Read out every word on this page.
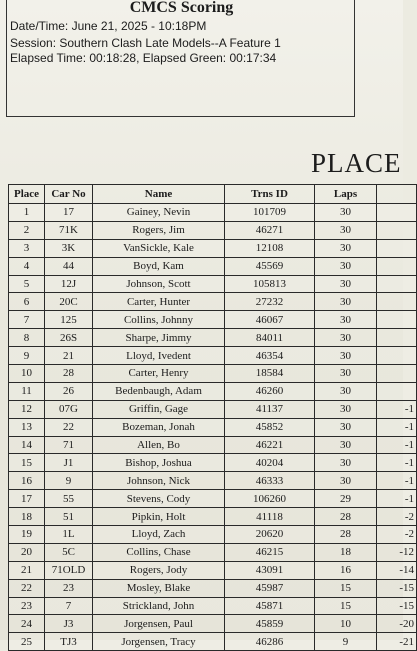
CMCS Scoring
Date/Time: June 21, 2025 - 10:18PM
Session: Southern Clash Late Models--A Feature 1
Elapsed Time: 00:18:28, Elapsed Green: 00:17:34
PLACE
Place	Car No	Name	Trns ID	Laps	
1	17	Gainey, Nevin	101709	30	
2	71K	Rogers, Jim	46271	30	
3	3K	VanSickle, Kale	12108	30	
4	44	Boyd, Kam	45569	30	
5	12J	Johnson, Scott	105813	30	
6	20C	Carter, Hunter	27232	30	
7	125	Collins, Johnny	46067	30	
8	26S	Sharpe, Jimmy	84011	30	
9	21	Lloyd, Ivedent	46354	30	
10	28	Carter, Henry	18584	30	
11	26	Bedenbaugh, Adam	46260	30	
12	07G	Griffin, Gage	41137	30	-1
13	22	Bozeman, Jonah	45852	30	-1
14	71	Allen, Bo	46221	30	-1
15	J1	Bishop, Joshua	40204	30	-1
16	9	Johnson, Nick	46333	30	-1
17	55	Stevens, Cody	106260	29	-1
18	51	Pipkin, Holt	41118	28	-2
19	1L	Lloyd, Zach	20620	28	-2
20	5C	Collins, Chase	46215	18	-12
21	71OLD	Rogers, Jody	43091	16	-14
22	23	Mosley, Blake	45987	15	-15
23	7	Strickland, John	45871	15	-15
24	J3	Jorgensen, Paul	45859	10	-20
25	TJ3	Jorgensen, Tracy	46286	9	-21
